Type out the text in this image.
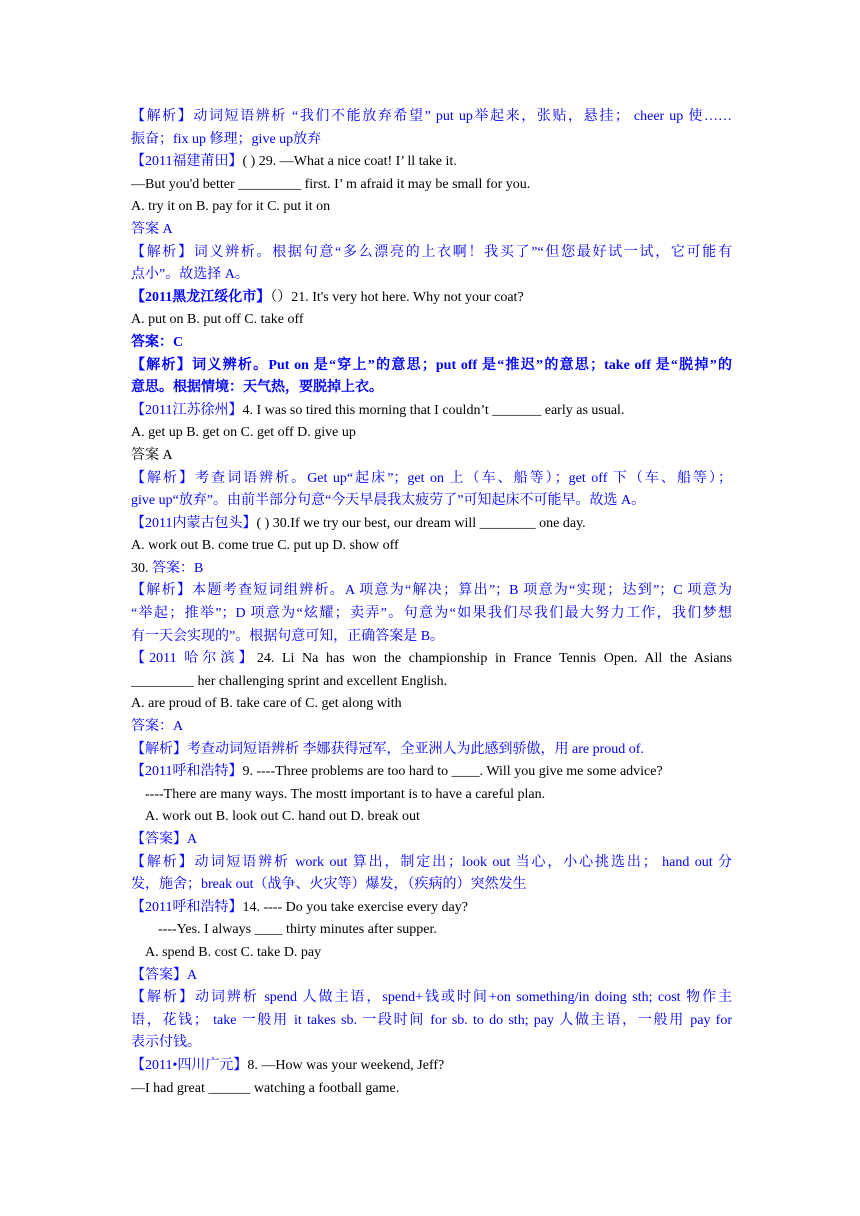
【解析】动词短语辨析 “我们不能放弃希望” put up举起来，张贴，悬挂； cheer up 使……
振奋；fix up 修理；give up放弃
【2011福建莆田】( ) 29. —What a nice coat! I’ ll take it.
—But you'd better _________ first. I’ m afraid it may be small for you.
A. try it on B. pay for it C. put it on
答案 A
【解析】词义辨析。根据句意“多么漂亮的上衣啊！我买了”“但您最好试一试，它可能有
点小”。故选择 A。
【2011黑龙江绥化市】（）21. It's very hot here. Why not your coat?
A. put on B. put off C. take off
答案：C
【解析】词义辨析。Put on 是“穿上”的意思；put off 是“推迟”的意思；take off 是“脱掉”的
意思。根据情境：天气热，要脱掉上衣。
【2011江苏徐州】4. I was so tired this morning that I couldn’t _______ early as usual.
A. get up B. get on C. get off D. give up
答案 A
【解析】考查词语辨析。Get up“起床”；get on 上（车、船等）；get off 下（车、船等）；
give up“放弃”。由前半部分句意“今天早晨我太疲劳了”可知起床不可能早。故选 A。
【2011内蒙古包头】( ) 30.If we try our best, our dream will ________ one day.
A. work out B. come true C. put up D. show off
30. 答案：B
【解析】本题考查短词组辨析。A 项意为“解决；算出”；B 项意为“实现；达到”；C 项意为
“举起；推举”；D 项意为“炫耀；卖弄”。句意为“如果我们尽我们最大努力工作，我们梦想
有一天会实现的”。根据句意可知，正确答案是 B。
【2011 哈尔滨】24. Li Na has won the championship in France Tennis Open. All the Asians
_________ her challenging sprint and excellent English.
A. are proud of B. take care of C. get along with
答案：A
【解析】考查动词短语辨析 李娜获得冠军，全亚洲人为此感到骄傲，用 are proud of.
【2011呼和浩特】9. ----Three problems are too hard to ____. Will you give me some advice?
----There are many ways. The mostt important is to have a careful plan.
A. work out B. look out C. hand out D. break out
【答案】A
【解析】动词短语辨析 work out 算出，制定出；look out 当心，小心挑选出； hand out 分
发，施舍；break out（战争、火灾等）爆发，（疾病的）突然发生
【2011呼和浩特】14. ---- Do you take exercise every day?
----Yes. I always ____ thirty minutes after supper.
A. spend B. cost C. take D. pay
【答案】A
【解析】动词辨析 spend 人做主语，spend+钱或时间+on something/in doing sth; cost 物作主
语，花钱； take 一般用 it takes sb. 一段时间 for sb. to do sth; pay 人做主语，一般用 pay for
表示付钱。
【2011•四川广元】8. —How was your weekend, Jeff?
—I had great ______ watching a football game.
